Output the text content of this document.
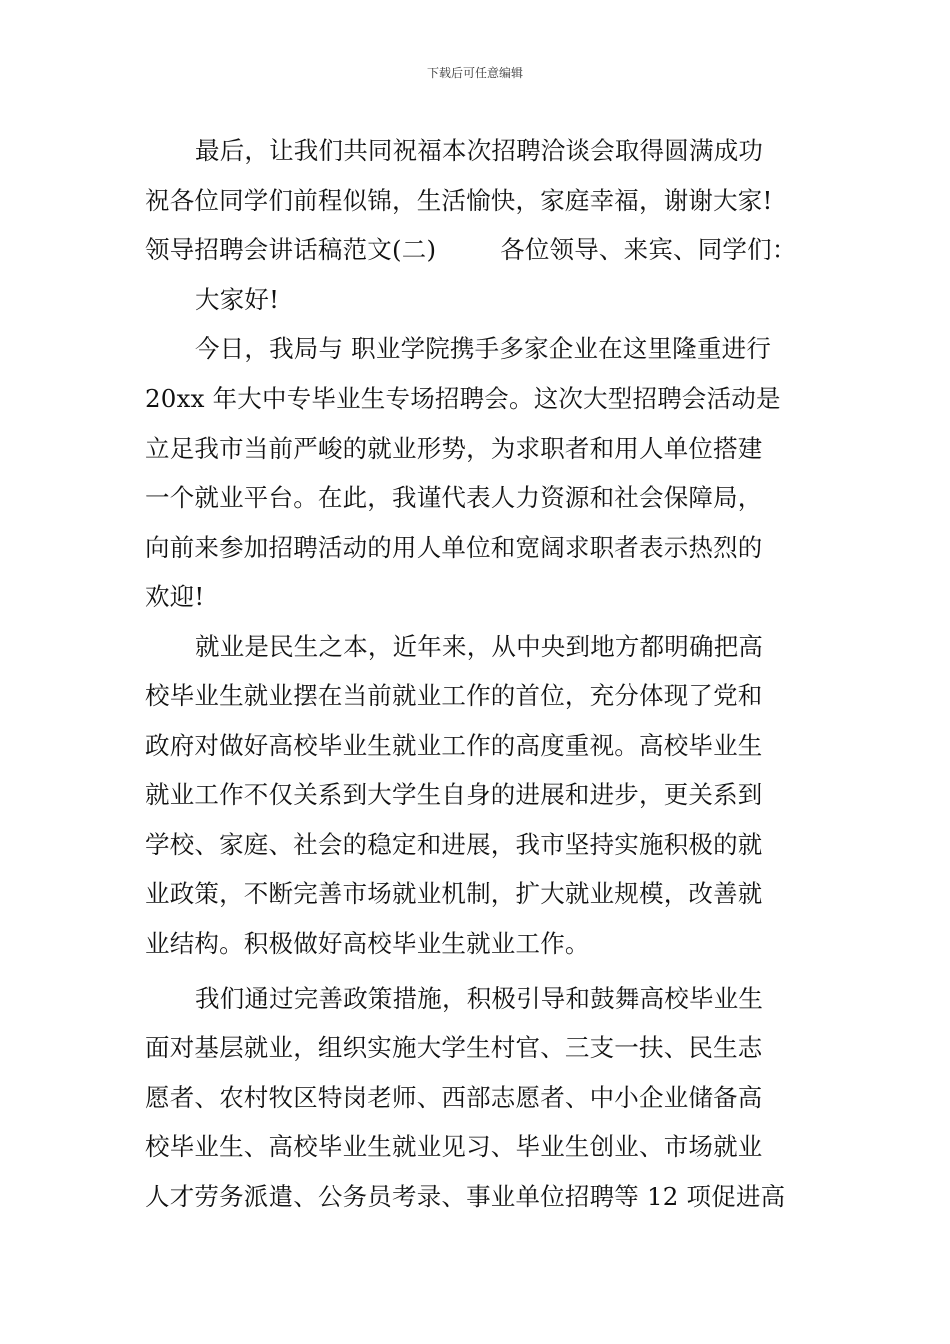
下载后可任意编辑
最后，让我们共同祝福本次招聘洽谈会取得圆满成功
祝各位同学们前程似锦，生活愉快，家庭幸福，谢谢大家!
领导招聘会讲话稿范文(二)        各位领导、来宾、同学们：
大家好!
今日，我局与 职业学院携手多家企业在这里隆重进行
20xx 年大中专毕业生专场招聘会。这次大型招聘会活动是
立足我市当前严峻的就业形势，为求职者和用人单位搭建
一个就业平台。在此，我谨代表人力资源和社会保障局，
向前来参加招聘活动的用人单位和宽阔求职者表示热烈的
欢迎!
就业是民生之本，近年来，从中央到地方都明确把高
校毕业生就业摆在当前就业工作的首位，充分体现了党和
政府对做好高校毕业生就业工作的高度重视。高校毕业生
就业工作不仅关系到大学生自身的进展和进步，更关系到
学校、家庭、社会的稳定和进展，我市坚持实施积极的就
业政策，不断完善市场就业机制，扩大就业规模，改善就
业结构。积极做好高校毕业生就业工作。
我们通过完善政策措施，积极引导和鼓舞高校毕业生
面对基层就业，组织实施大学生村官、三支一扶、民生志
愿者、农村牧区特岗老师、西部志愿者、中小企业储备高
校毕业生、高校毕业生就业见习、毕业生创业、市场就业
人才劳务派遣、公务员考录、事业单位招聘等 12 项促进高
